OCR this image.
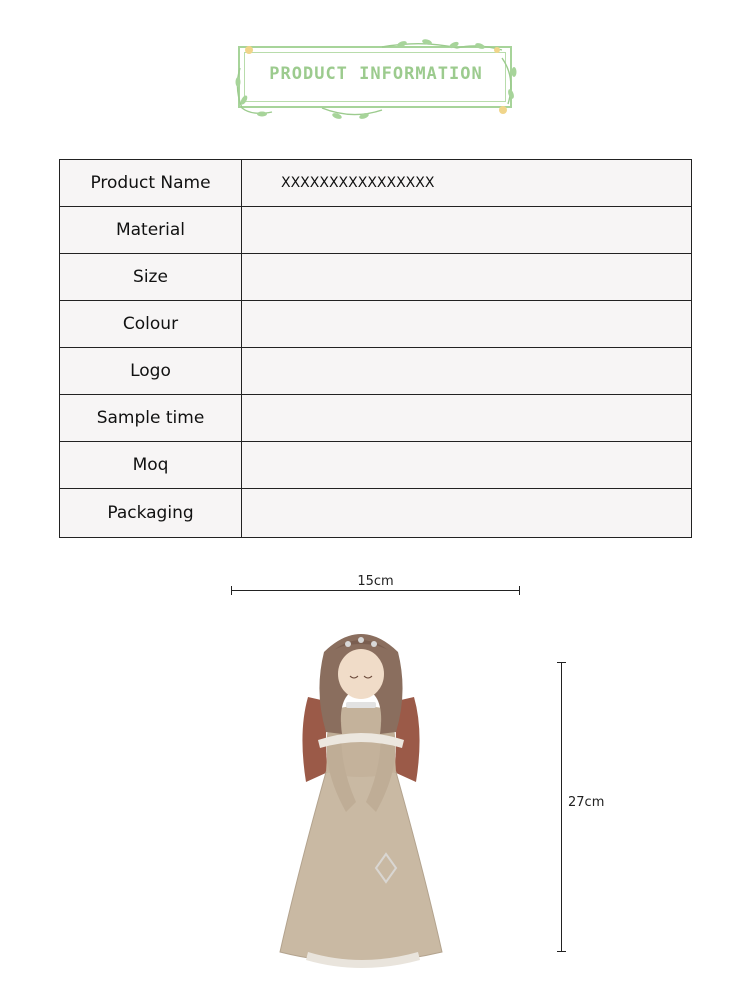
PRODUCT INFORMATION
Product Name	XXXXXXXXXXXXXXXX
Material	
Size	
Colour	
Logo	
Sample time	
Moq	
Packaging	
15cm
27cm
